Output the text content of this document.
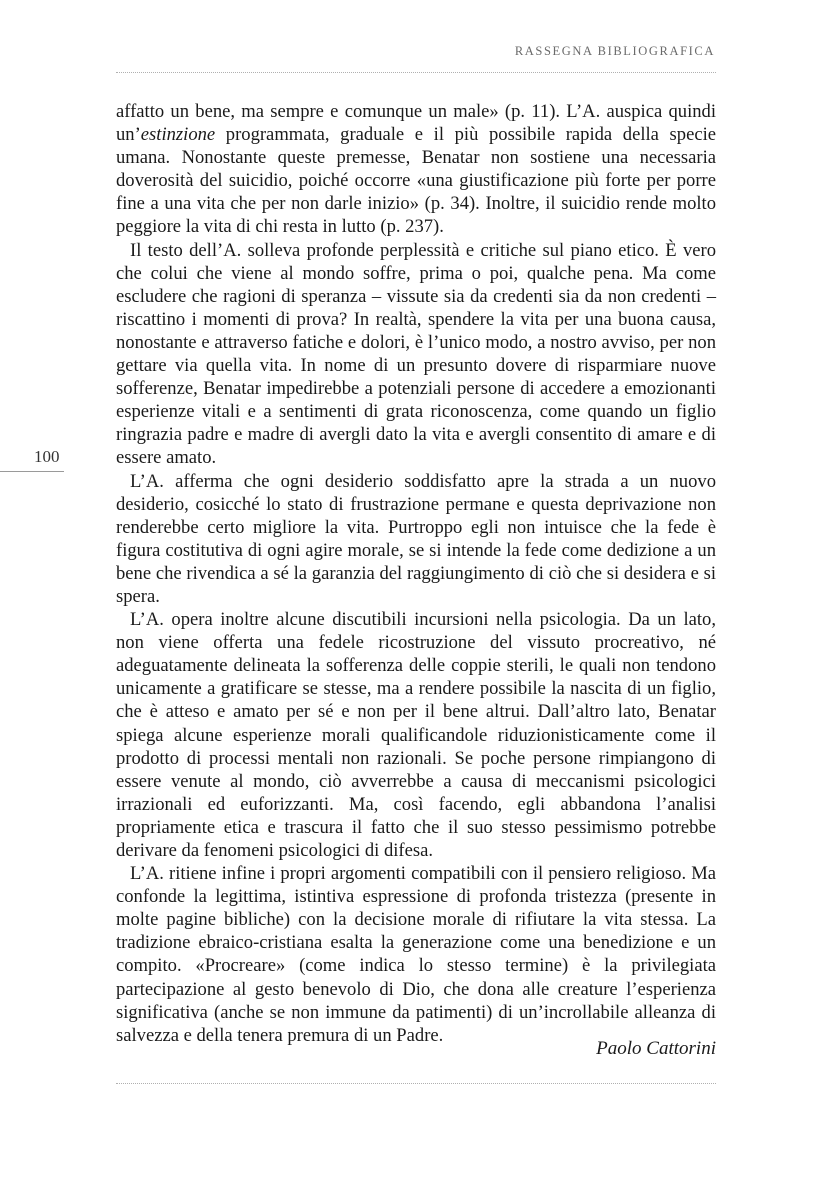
RASSEGNA BIBLIOGRAFICA
100

affatto un bene, ma sempre e comunque un male» (p. 11). L’A. auspica quindi un’estinzione programmata, graduale e il più possibile rapida della specie umana. Nonostante queste premesse, Benatar non sostiene una necessaria doverosità del suicidio, poiché occorre «una giustificazione più forte per porre fine a una vita che per non darle inizio» (p. 34). Inoltre, il suicidio rende molto peggiore la vita di chi resta in lutto (p. 237).

Il testo dell’A. solleva profonde perplessità e critiche sul piano etico. È vero che colui che viene al mondo soffre, prima o poi, qualche pena. Ma come escludere che ragioni di speranza – vissute sia da credenti sia da non credenti – riscattino i momenti di prova? In realtà, spendere la vita per una buona causa, nonostante e attraverso fatiche e dolori, è l’unico modo, a nostro avviso, per non gettare via quella vita. In nome di un presunto dovere di risparmiare nuove sofferenze, Benatar impedirebbe a potenziali persone di accedere a emozionanti esperienze vitali e a sentimenti di grata riconoscenza, come quando un figlio ringrazia padre e madre di avergli dato la vita e avergli consentito di amare e di essere amato.

L’A. afferma che ogni desiderio soddisfatto apre la strada a un nuovo desiderio, cosicché lo stato di frustrazione permane e questa deprivazione non renderebbe certo migliore la vita. Purtroppo egli non intuisce che la fede è figura costitutiva di ogni agire morale, se si intende la fede come dedizione a un bene che rivendica a sé la garanzia del raggiungimento di ciò che si desidera e si spera.

L’A. opera inoltre alcune discutibili incursioni nella psicologia. Da un lato, non viene offerta una fedele ricostruzione del vissuto procreativo, né adeguatamente delineata la sofferenza delle coppie sterili, le quali non tendono unicamente a gratificare se stesse, ma a rendere possibile la nascita di un figlio, che è atteso e amato per sé e non per il bene altrui. Dall’altro lato, Benatar spiega alcune esperienze morali qualificandole riduzionisticamente come il prodotto di processi mentali non razionali. Se poche persone rimpiangono di essere venute al mondo, ciò avverrebbe a causa di meccanismi psicologici irrazionali ed euforizzanti. Ma, così facendo, egli abbandona l’analisi propriamente etica e trascura il fatto che il suo stesso pessimismo potrebbe derivare da fenomeni psicologici di difesa.

L’A. ritiene infine i propri argomenti compatibili con il pensiero religioso. Ma confonde la legittima, istintiva espressione di profonda tristezza (presente in molte pagine bibliche) con la decisione morale di rifiutare la vita stessa. La tradizione ebraico-cristiana esalta la generazione come una benedizione e un compito. «Procreare» (come indica lo stesso termine) è la privilegiata partecipazione al gesto benevolo di Dio, che dona alle creature l’esperienza significativa (anche se non immune da patimenti) di un’incrollabile alleanza di salvezza e della tenera premura di un Padre.

Paolo Cattorini
